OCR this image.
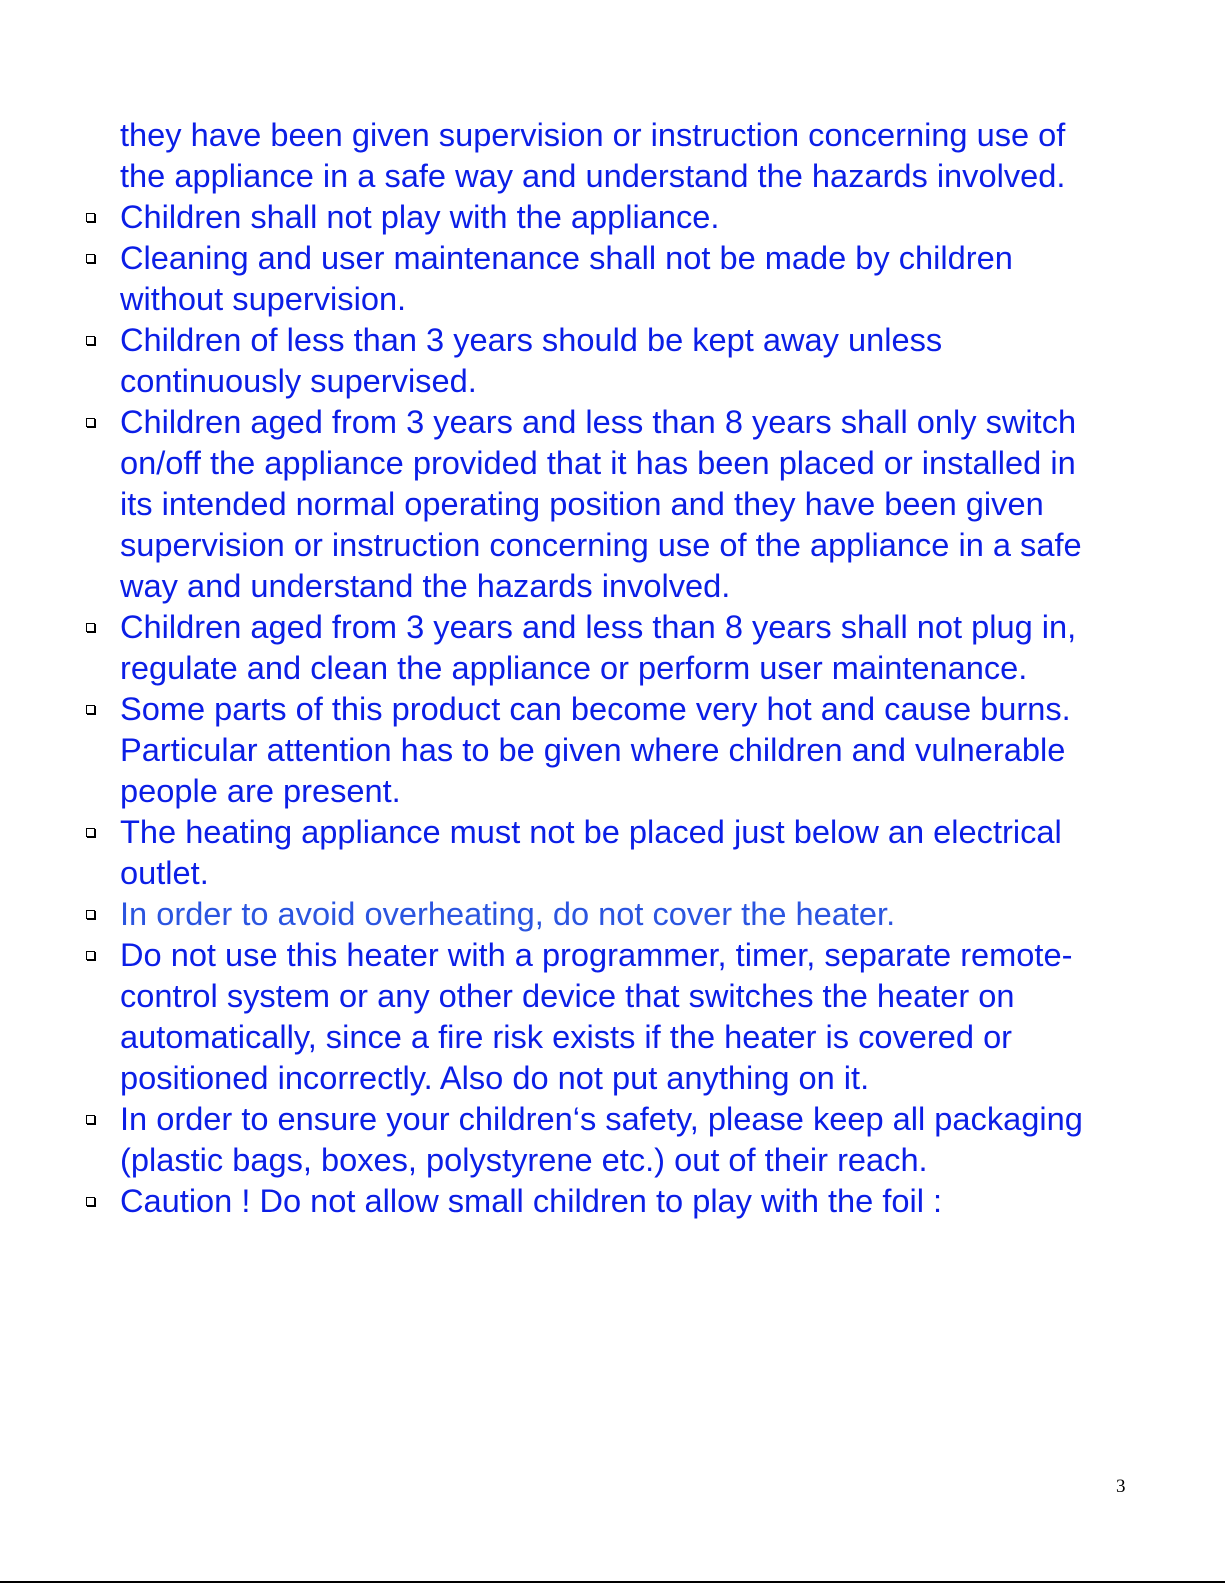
they have been given supervision or instruction concerning use of the appliance in a safe way and understand the hazards involved.

Children shall not play with the appliance.
Cleaning and user maintenance shall not be made by children without supervision.
Children of less than 3 years should be kept away unless continuously supervised.
Children aged from 3 years and less than 8 years shall only switch on/off the appliance provided that it has been placed or installed in its intended normal operating position and they have been given supervision or instruction concerning use of the appliance in a safe way and understand the hazards involved.
Children aged from 3 years and less than 8 years shall not plug in, regulate and clean the appliance or perform user maintenance.
Some parts of this product can become very hot and cause burns. Particular attention has to be given where children and vulnerable people are present.
The heating appliance must not be placed just below an electrical outlet.
In order to avoid overheating, do not cover the heater.
Do not use this heater with a programmer, timer, separate remote-control system or any other device that switches the heater on automatically, since a fire risk exists if the heater is covered or positioned incorrectly. Also do not put anything on it.
In order to ensure your children‘s safety, please keep all packaging (plastic bags, boxes, polystyrene etc.) out of their reach.
Caution ! Do not allow small children to play with the foil :
3
